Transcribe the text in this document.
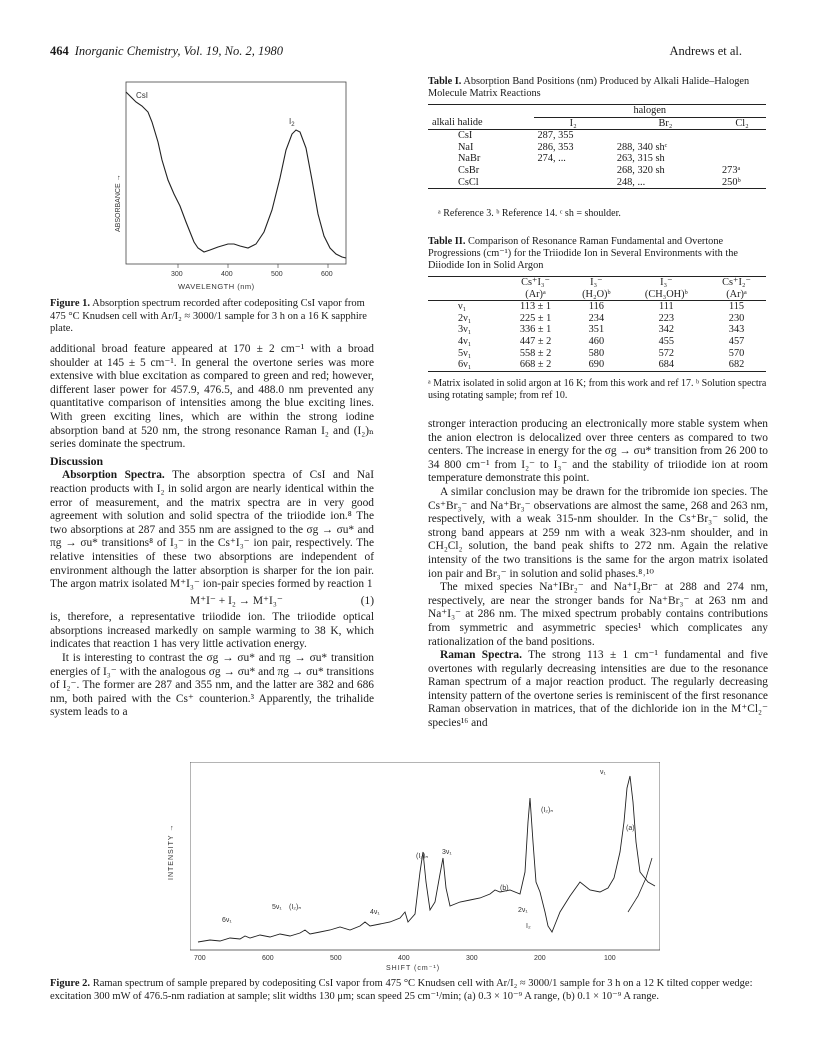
464 Inorganic Chemistry, Vol. 19, No. 2, 1980	Andrews et al.
CsI
$I_2$
300	400	500	600
ABSORBANCE →
WAVELENGTH (nm)
Figure 1. Absorption spectrum recorded after codepositing CsI vapor from 475 °C Knudsen cell with Ar/I₂ ≈ 3000/1 sample for 3 h on a 16 K sapphire plate.

additional broad feature appeared at 170 ± 2 cm⁻¹ with a broad shoulder at 145 ± 5 cm⁻¹. In general the overtone series was more extensive with blue excitation as compared to green and red; however, different laser power for 457.9, 476.5, and 488.0 nm prevented any quantitative comparison of intensities among the blue exciting lines. With green exciting lines, which are within the strong iodine absorption band at 520 nm, the strong resonance Raman I₂ and (I₂)ₙ series dominate the spectrum.

Discussion

Absorption Spectra. The absorption spectra of CsI and NaI reaction products with I₂ in solid argon are nearly identical within the error of measurement, and the matrix spectra are in very good agreement with solution and solid spectra of the triiodide ion.⁸ The two absorptions at 287 and 355 nm are assigned to the σg → σu* and πg → σu* transitions⁸ of I₃⁻ in the Cs⁺I₃⁻ ion pair, respectively. The relative intensities of these two absorptions are independent of environment although the latter absorption is sharper for the ion pair. The argon matrix isolated M⁺I₃⁻ ion-pair species formed by reaction 1

M⁺I⁻ + I₂ → M⁺I₃⁻	(1)

is, therefore, a representative triiodide ion. The triiodide optical absorptions increased markedly on sample warming to 38 K, which indicates that reaction 1 has very little activation energy.

It is interesting to contrast the σg → σu* and πg → σu* transition energies of I₃⁻ with the analogous σg → σu* and πg → σu* transitions of I₂⁻. The former are 287 and 355 nm, and the latter are 382 and 686 nm, both paired with the Cs⁺ counterion.³ Apparently, the trihalide system leads to a

Table I. Absorption Band Positions (nm) Produced by Alkali Halide–Halogen Molecule Matrix Reactions
	halogen		
alkali halide	I₂	Br₂	Cl₂
CsI	287, 355		
NaI	286, 353	288, 340 shᶜ	
NaBr	274, ...	263, 315 sh	
CsBr		268, 320 sh	273ᵃ
CsCl		248, ...	250ᵇ
ᵃ Reference 3. ᵇ Reference 14. ᶜ sh = shoulder.
Table II. Comparison of Resonance Raman Fundamental and Overtone Progressions (cm⁻¹) for the Triiodide Ion in Several Environments with the Diiodide Ion in Solid Argon
	Cs⁺I₃⁻	I₃⁻	I₃⁻	Cs⁺I₂⁻
	(Ar)ᵃ	(H₂O)ᵇ	(CH₃OH)ᵇ	(Ar)ᵃ
ν₁	113 ± 1	116	111	115
2ν₁	225 ± 1	234	223	230
3ν₁	336 ± 1	351	342	343
4ν₁	447 ± 2	460	455	457
5ν₁	558 ± 2	580	572	570
6ν₁	668 ± 2	690	684	682
ᵃ Matrix isolated in solid argon at 16 K; from this work and ref 17. ᵇ Solution spectra using rotating sample; from ref 10.

stronger interaction producing an electronically more stable system when the anion electron is delocalized over three centers as compared to two centers. The increase in energy for the σg → σu* transition from 26 200 to 34 800 cm⁻¹ from I₂⁻ to I₃⁻ and the stability of triiodide ion at room temperature demonstrate this point.

A similar conclusion may be drawn for the tribromide ion species. The Cs⁺Br₃⁻ and Na⁺Br₃⁻ observations are almost the same, 268 and 263 nm, respectively, with a weak 315-nm shoulder. In the Cs⁺Br₃⁻ solid, the strong band appears at 259 nm with a weak 323-nm shoulder, and in CH₂Cl₂ solution, the band peak shifts to 272 nm. Again the relative intensity of the two transitions is the same for the argon matrix isolated ion pair and Br₃⁻ in solution and solid phases.⁸˒¹⁰

The mixed species Na⁺IBr₂⁻ and Na⁺I₂Br⁻ at 288 and 274 nm, respectively, are near the stronger bands for Na⁺Br₃⁻ at 263 nm and Na⁺I₃⁻ at 286 nm. The mixed spectrum probably contains contributions from symmetric and asymmetric species¹ which complicates any rationalization of the band positions.

Raman Spectra. The strong 113 ± 1 cm⁻¹ fundamental and five overtones with regularly decreasing intensities are due to the resonance Raman spectrum of a major reaction product. The regularly decreasing intensity pattern of the overtone series is reminiscent of the first resonance Raman observation in matrices, that of the dichloride ion in the M⁺Cl₂⁻ species¹⁶ and

ν₁
(a)
(b)
(I₂)ₙ
(I₂)ₙ
(I₂)ₙ
3ν₁
4ν₁
5ν₁
6ν₁
2ν₁
I₂
700	600	500	400	300	200	100
SHIFT (cm⁻¹)
INTENSITY →
Figure 2. Raman spectrum of sample prepared by codepositing CsI vapor from 475 °C Knudsen cell with Ar/I₂ ≈ 3000/1 sample for 3 h on a 12 K tilted copper wedge: excitation 300 mW of 476.5-nm radiation at sample; slit widths 130 μm; scan speed 25 cm⁻¹/min; (a) 0.3 × 10⁻⁹ A range, (b) 0.1 × 10⁻⁹ A range.
